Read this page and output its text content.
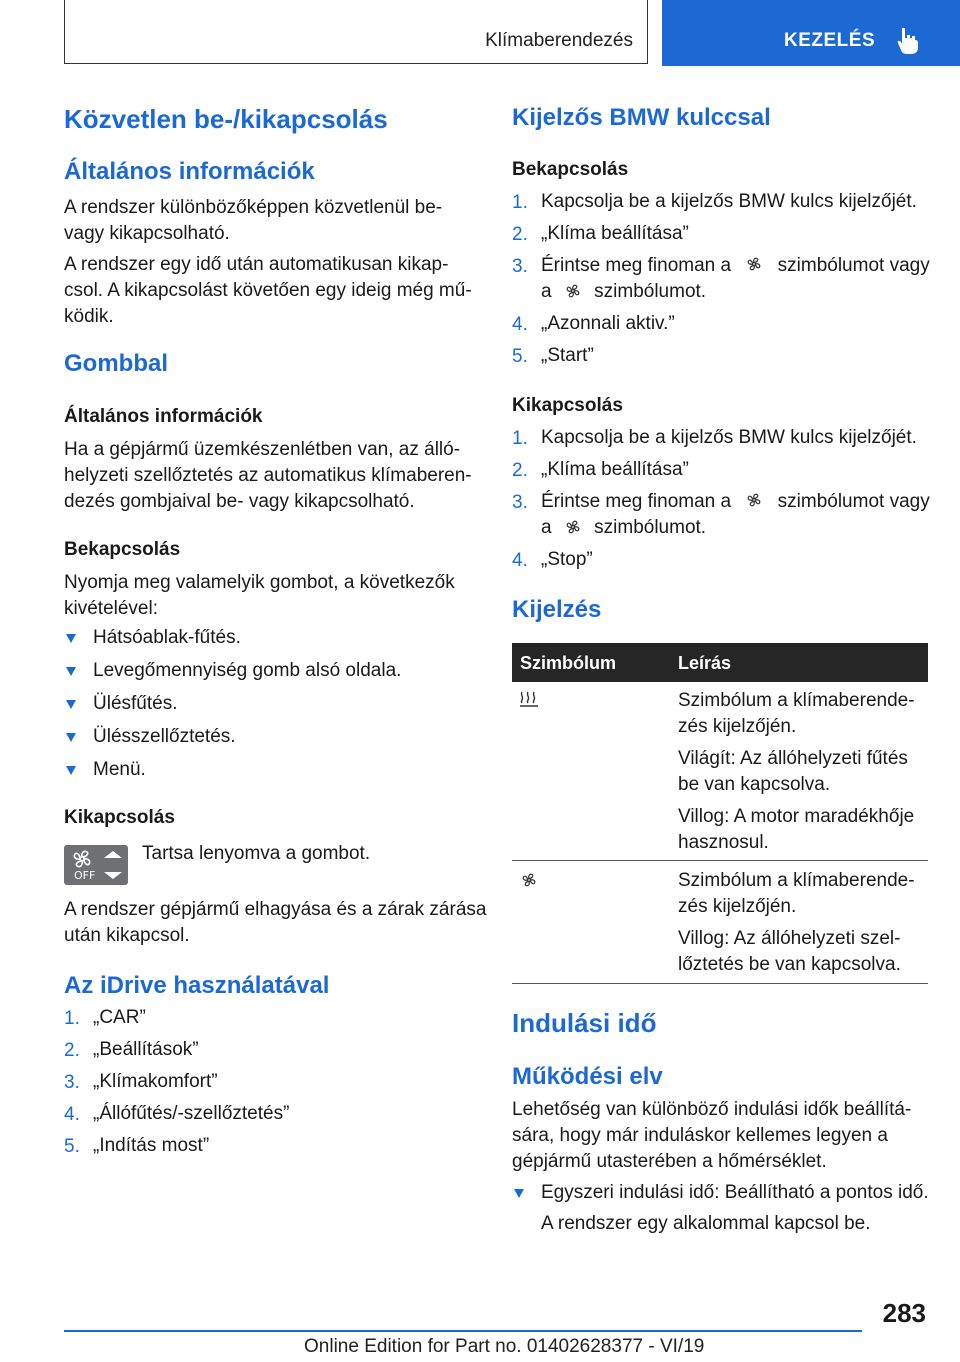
Klímaberendezés	KEZELÉS
Közvetlen be-/kikapcsolás
Általános információk
A rendszer különbözőképpen közvetlenül be-
vagy kikapcsolható.
A rendszer egy idő után automatikusan kikap-
csol. A kikapcsolást követően egy ideig még mű-
ködik.
Gombbal
Általános információk
Ha a gépjármű üzemkészenlétben van, az álló-
helyzeti szellőztetés az automatikus klímaberen-
dezés gombjaival be- vagy kikapcsolható.
Bekapcsolás
Nyomja meg valamelyik gombot, a következők
kivételével:
Hátsóablak-fűtés.
Levegőmennyiség gomb alsó oldala.
Ülésfűtés.
Ülésszellőztetés.
Menü.
Kikapcsolás
OFF
Tartsa lenyomva a gombot.
A rendszer gépjármű elhagyása és a zárak zárása
után kikapcsol.
Az iDrive használatával
1. „CAR”
2. „Beállítások”
3. „Klímakomfort”
4. „Állófűtés/-szellőztetés”
5. „Indítás most”
Kijelzős BMW kulccsal
Bekapcsolás
1. Kapcsolja be a kijelzős BMW kulcs kijelzőjét.
2. „Klíma beállítása”
3. Érintse meg finoman a szimbólumot vagy
a szimbólumot.
4. „Azonnali aktiv.”
5. „Start”
Kikapcsolás
1. Kapcsolja be a kijelzős BMW kulcs kijelzőjét.
2. „Klíma beállítása”
3. Érintse meg finoman a szimbólumot vagy
a szimbólumot.
4. „Stop”
Kijelzés
Szimbólum	Leírás
Szimbólum a klímaberende-
zés kijelzőjén.
Világít: Az állóhelyzeti fűtés
be van kapcsolva.
Villog: A motor maradékhője
hasznosul.
Szimbólum a klímaberende-
zés kijelzőjén.
Villog: Az állóhelyzeti szel-
lőztetés be van kapcsolva.
Indulási idő
Működési elv
Lehetőség van különböző indulási idők beállítá-
sára, hogy már induláskor kellemes legyen a
gépjármű utasterében a hőmérséklet.
Egyszeri indulási idő: Beállítható a pontos idő.
A rendszer egy alkalommal kapcsol be.
283
Online Edition for Part no. 01402628377 - VI/19
